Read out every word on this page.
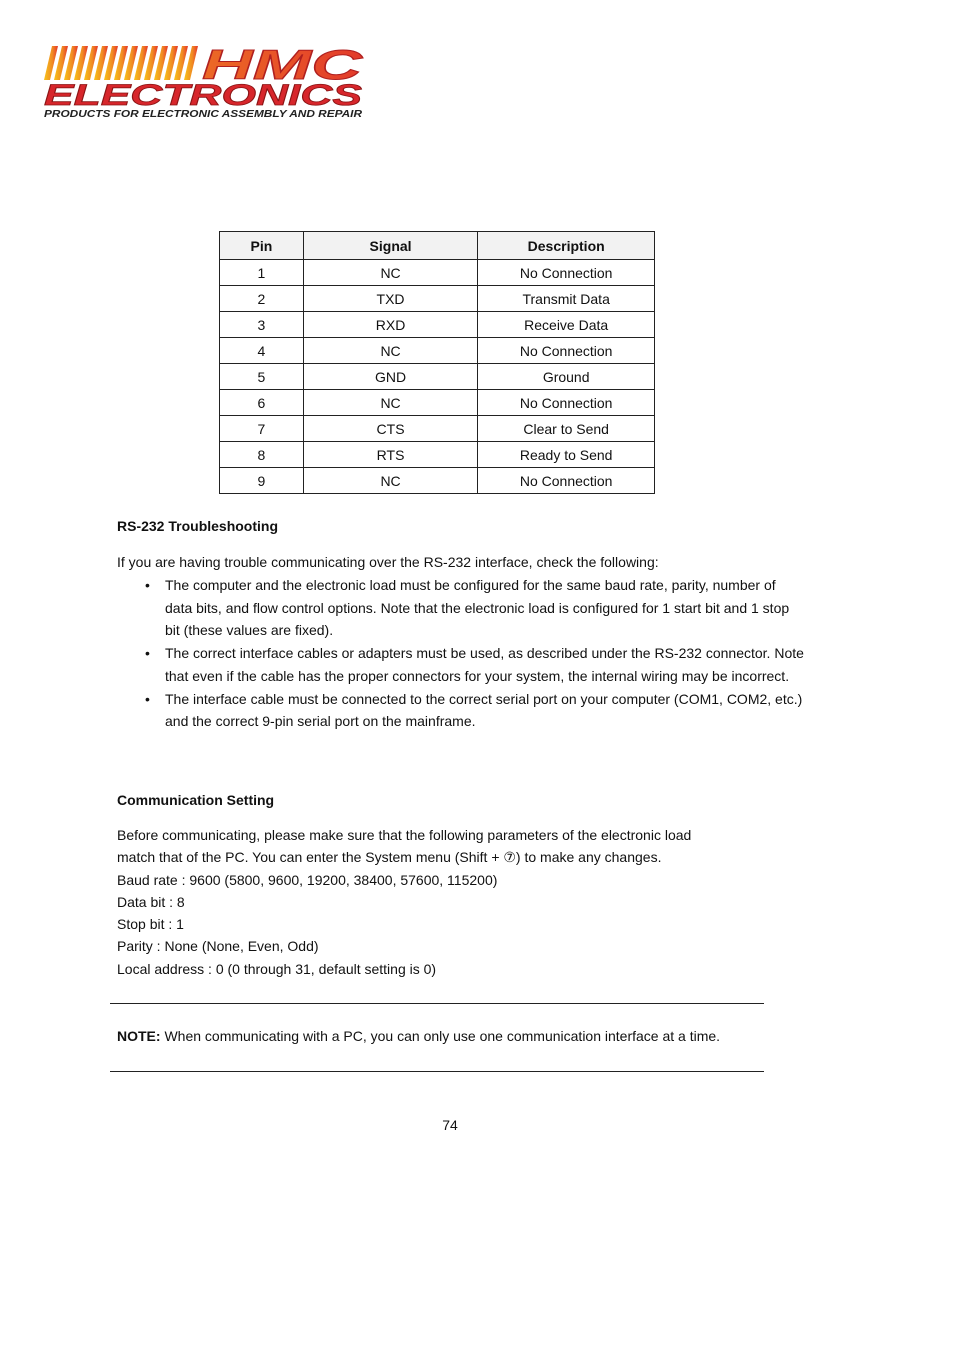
HMC
ELECTRONICS
PRODUCTS FOR ELECTRONIC ASSEMBLY AND REPAIR
Pin	Signal	Description
1	NC	No Connection
2	TXD	Transmit Data
3	RXD	Receive Data
4	NC	No Connection
5	GND	Ground
6	NC	No Connection
7	CTS	Clear to Send
8	RTS	Ready to Send
9	NC	No Connection
RS-232 Troubleshooting
If you are having trouble communicating over the RS-232 interface, check the following:
• The computer and the electronic load must be configured for the same baud rate, parity, number of data bits, and flow control options. Note that the electronic load is configured for 1 start bit and 1 stop bit (these values are fixed).
• The correct interface cables or adapters must be used, as described under the RS-232 connector. Note that even if the cable has the proper connectors for your system, the internal wiring may be incorrect.
• The interface cable must be connected to the correct serial port on your computer (COM1, COM2, etc.) and the correct 9-pin serial port on the mainframe.
Communication Setting
Before communicating, please make sure that the following parameters of the electronic load
match that of the PC. You can enter the System menu (Shift + ⑦) to make any changes.
Baud rate : 9600 (5800, 9600, 19200, 38400, 57600, 115200)
Data bit : 8
Stop bit : 1
Parity : None (None, Even, Odd)
Local address : 0 (0 through 31, default setting is 0)
NOTE: When communicating with a PC, you can only use one communication interface at a time.
74
